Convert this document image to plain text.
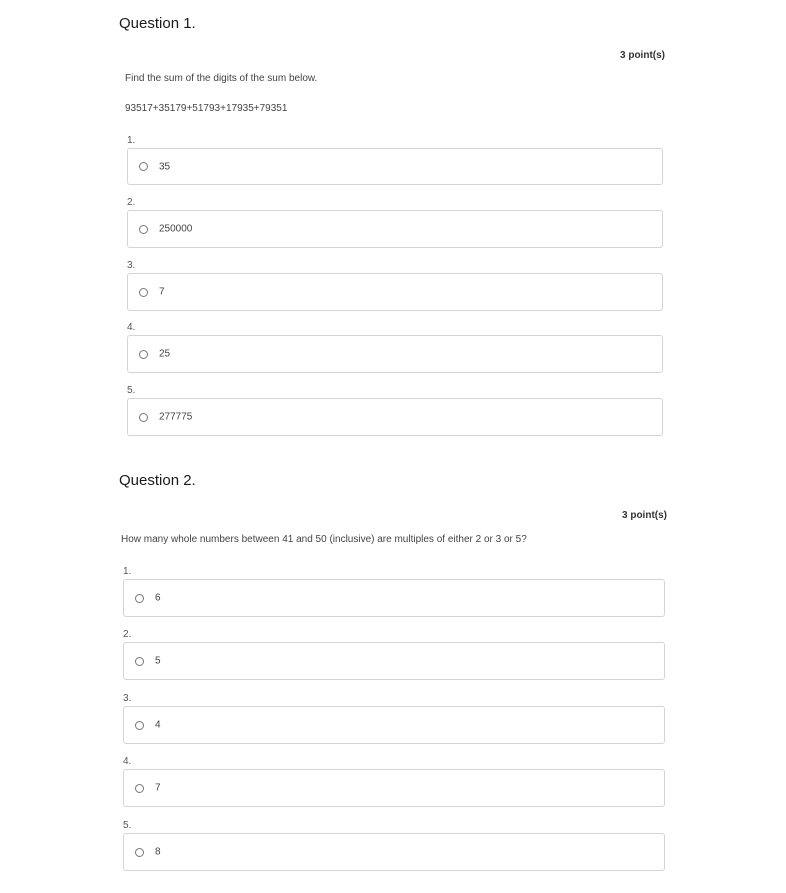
Question 1.
3 point(s)
Find the sum of the digits of the sum below.
93517+35179+51793+17935+79351
1.
35
2.
250000
3.
7
4.
25
5.
277775
Question 2.
3 point(s)
How many whole numbers between 41 and 50 (inclusive) are multiples of either 2 or 3 or 5?
1.
6
2.
5
3.
4
4.
7
5.
8
